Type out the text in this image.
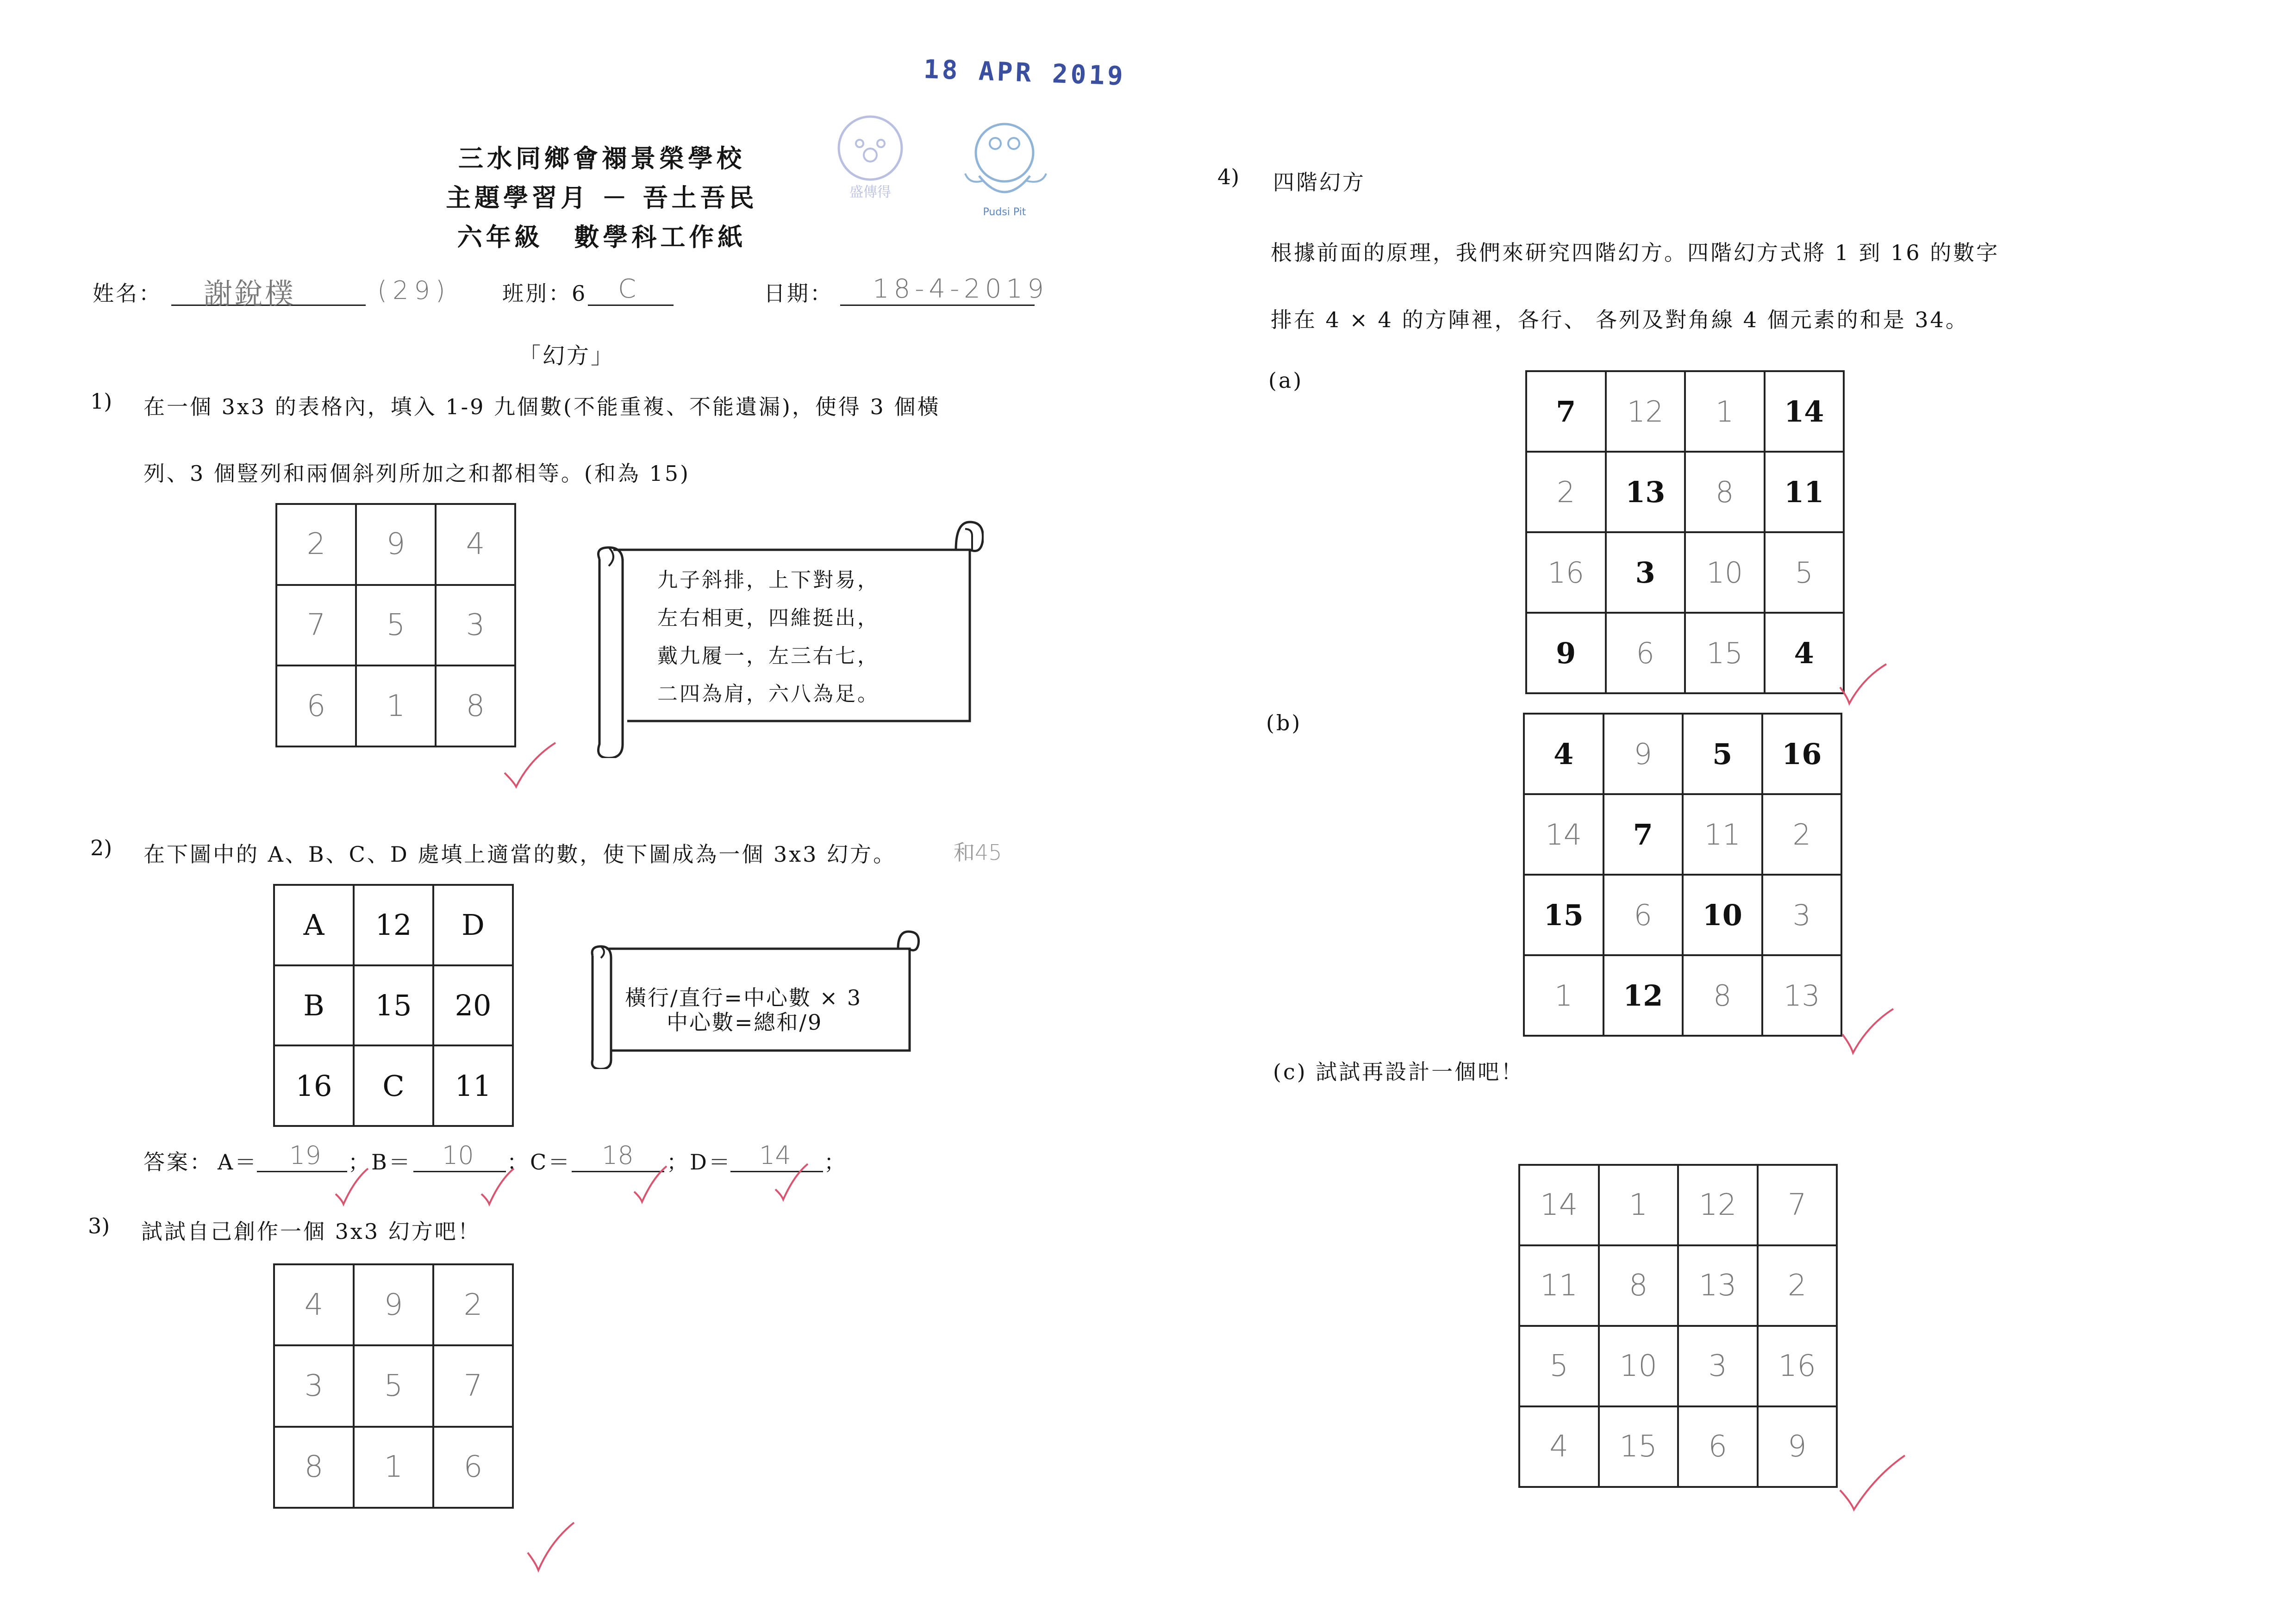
18 APR 2019
盛傳得
Pudsi Pit
三水同鄉會禤景榮學校
主題學習月 － 吾土吾民
六年級 數學科工作紙
姓名： 謝銳樸	(29) 班別：6 C	日期： 18-4-2019
「幻方」
1) 在一個 3x3 的表格內，填入 1-9 九個數(不能重複、不能遺漏)，使得 3 個橫
列、3 個豎列和兩個斜列所加之和都相等。(和為 15)
2	9	4
7	5	3
6	1	8
九子斜排，上下對易，
左右相更，四維挺出，
戴九履一，左三右七，
二四為肩，六八為足。
2) 在下圖中的 A、B、C、D 處填上適當的數，使下圖成為一個 3x3 幻方。	和45
A	12	D
B	15	20
16	C	11
橫行/直行=中心數 × 3
中心數=總和/9
答案： A＝ 19 ；B＝ 10 ；C＝ 18 ；D＝ 14 ；
3) 試試自己創作一個 3x3 幻方吧！
4	9	2
3	5	7
8	1	6
4) 四階幻方
根據前面的原理，我們來研究四階幻方。四階幻方式將 1 到 16 的數字
排在 4 × 4 的方陣裡，各行、 各列及對角線 4 個元素的和是 34。
(a)
7	12	1	14
2	13	8	11
16	3	10	5
9	6	15	4
(b)
4	9	5	16
14	7	11	2
15	6	10	3
1	12	8	13
(c) 試試再設計一個吧！
14	1	12	7
11	8	13	2
5	10	3	16
4	15	6	9
